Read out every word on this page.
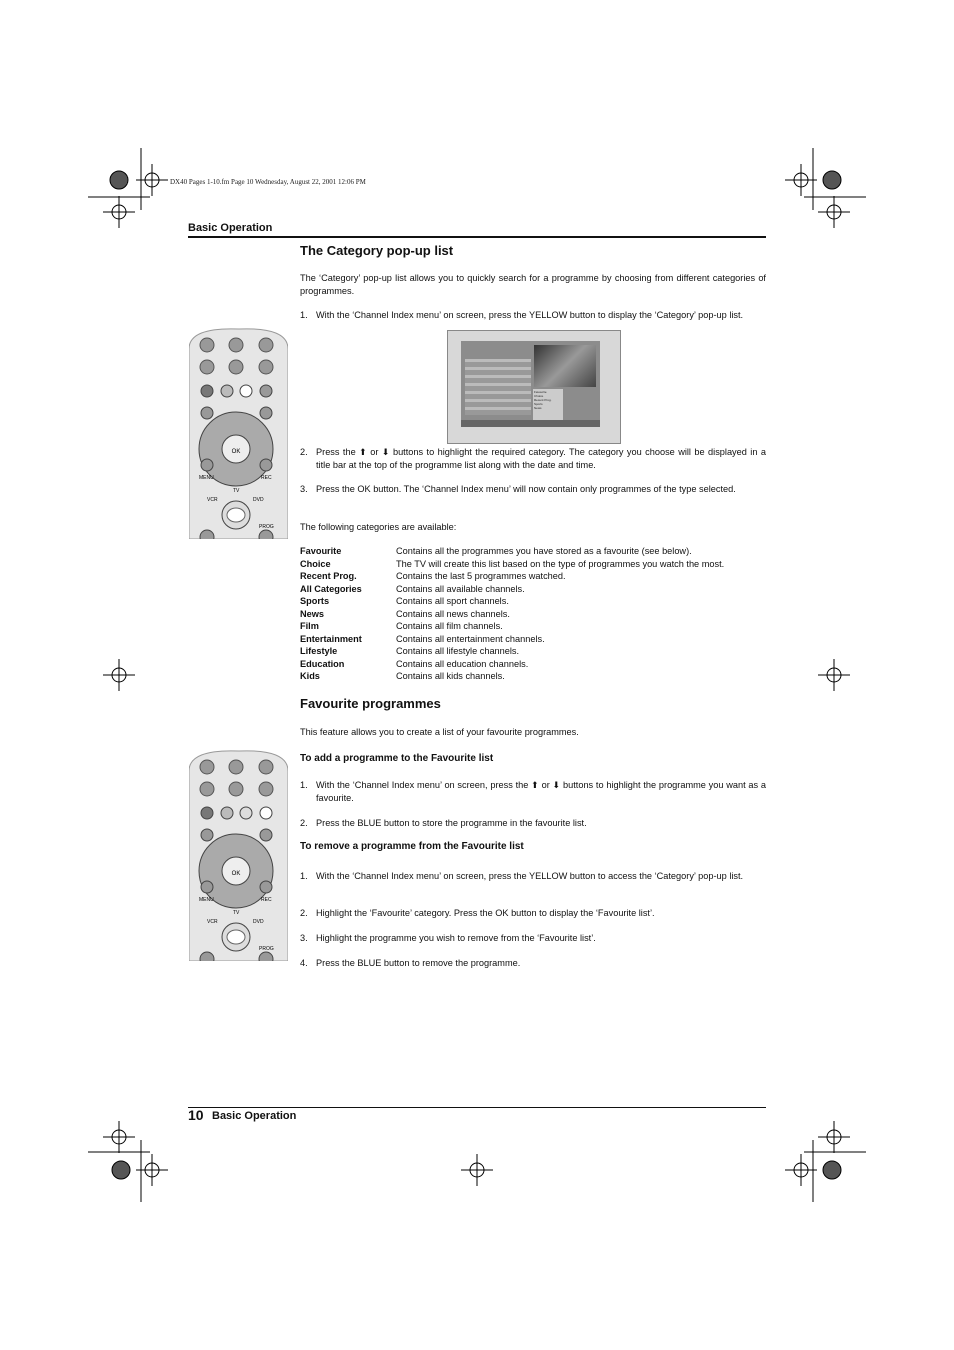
DX40 Pages 1-10.fm Page 10 Wednesday, August 22, 2001 12:06 PM
Basic Operation
The Category pop-up list
The ‘Category’ pop-up list allows you to quickly search for a programme by choosing from different categories of programmes.
1. With the ‘Channel Index menu’ on screen, press the YELLOW button to display the ‘Category’ pop-up list.
Favourite
Choice
Recent Prog.
Sports
News
2. Press the ⬆ or ⬇ buttons to highlight the required category. The category you choose will be displayed in a title bar at the top of the programme list along with the date and time.
3. Press the OK button. The ‘Channel Index menu’ will now contain only programmes of the type selected.
The following categories are available:
Favourite	Contains all the programmes you have stored as a favourite (see below).
Choice	The TV will create this list based on the type of programmes you watch the most.
Recent Prog.	Contains the last 5 programmes watched.
All Categories	Contains all available channels.
Sports	Contains all sport channels.
News	Contains all news channels.
Film	Contains all film channels.
Entertainment	Contains all entertainment channels.
Lifestyle	Contains all lifestyle channels.
Education	Contains all education channels.
Kids	Contains all kids channels.
Favourite programmes
This feature allows you to create a list of your favourite programmes.
To add a programme to the Favourite list
1. With the ‘Channel Index menu’ on screen, press the ⬆ or ⬇ buttons to highlight the programme you want as a favourite.
2. Press the BLUE button to store the programme in the favourite list.
To remove a programme from the Favourite list
1. With the ‘Channel Index menu’ on screen, press the YELLOW button to access the ‘Category’ pop-up list.
2. Highlight the ‘Favourite’ category. Press the OK button to display the ‘Favourite list’.
3. Highlight the programme you wish to remove from the ‘Favourite list’.
4. Press the BLUE button to remove the programme.
OK
MENU	REC
TV
VCR	DVD
PROG
OK
MENU	REC
TV
VCR	DVD
PROG
10 Basic Operation
